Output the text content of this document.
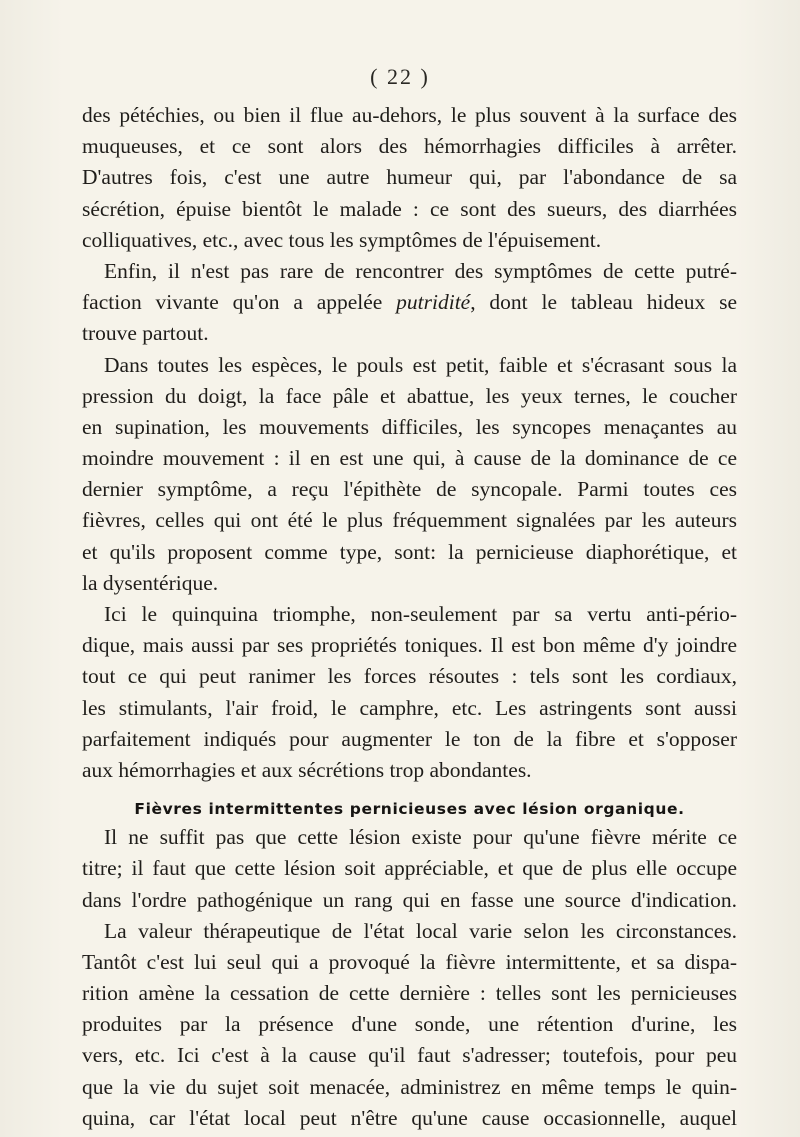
( 22 )
des pétéchies, ou bien il flue au-dehors, le plus souvent à la surface des
muqueuses, et ce sont alors des hémorrhagies difficiles à arrêter.
D'autres fois, c'est une autre humeur qui, par l'abondance de sa
sécrétion, épuise bientôt le malade : ce sont des sueurs, des diarrhées
colliquatives, etc., avec tous les symptômes de l'épuisement.
Enfin, il n'est pas rare de rencontrer des symptômes de cette putré-
faction vivante qu'on a appelée putridité, dont le tableau hideux se
trouve partout.
Dans toutes les espèces, le pouls est petit, faible et s'écrasant sous la
pression du doigt, la face pâle et abattue, les yeux ternes, le coucher
en supination, les mouvements difficiles, les syncopes menaçantes au
moindre mouvement : il en est une qui, à cause de la dominance de ce
dernier symptôme, a reçu l'épithète de syncopale. Parmi toutes ces
fièvres, celles qui ont été le plus fréquemment signalées par les auteurs
et qu'ils proposent comme type, sont: la pernicieuse diaphorétique, et
la dysentérique.
Ici le quinquina triomphe, non-seulement par sa vertu anti-pério-
dique, mais aussi par ses propriétés toniques. Il est bon même d'y joindre
tout ce qui peut ranimer les forces résoutes : tels sont les cordiaux,
les stimulants, l'air froid, le camphre, etc. Les astringents sont aussi
parfaitement indiqués pour augmenter le ton de la fibre et s'opposer
aux hémorrhagies et aux sécrétions trop abondantes.
Fièvres intermittentes pernicieuses avec lésion organique.
Il ne suffit pas que cette lésion existe pour qu'une fièvre mérite ce
titre; il faut que cette lésion soit appréciable, et que de plus elle occupe
dans l'ordre pathogénique un rang qui en fasse une source d'indication.
La valeur thérapeutique de l'état local varie selon les circonstances.
Tantôt c'est lui seul qui a provoqué la fièvre intermittente, et sa dispa-
rition amène la cessation de cette dernière : telles sont les pernicieuses
produites par la présence d'une sonde, une rétention d'urine, les
vers, etc. Ici c'est à la cause qu'il faut s'adresser; toutefois, pour peu
que la vie du sujet soit menacée, administrez en même temps le quin-
quina, car l'état local peut n'être qu'une cause occasionnelle, auquel
